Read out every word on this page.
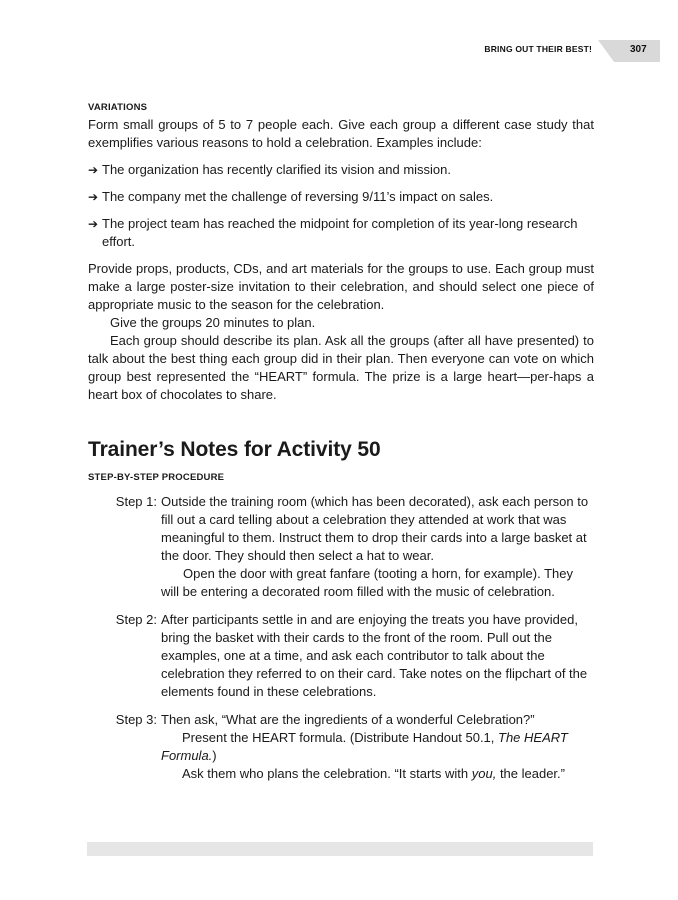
BRING OUT THEIR BEST!	307
VARIATIONS

Form small groups of 5 to 7 people each. Give each group a different case study that exemplifies various reasons to hold a celebration. Examples include:

➔ The organization has recently clarified its vision and mission.
➔ The company met the challenge of reversing 9/11’s impact on sales.
➔ The project team has reached the midpoint for completion of its year-long research effort.

Provide props, products, CDs, and art materials for the groups to use. Each group must make a large poster-size invitation to their celebration, and should select one piece of appropriate music to the season for the celebration.

Give the groups 20 minutes to plan.

Each group should describe its plan. Ask all the groups (after all have presented) to talk about the best thing each group did in their plan. Then everyone can vote on which group best represented the “HEART” formula. The prize is a large heart—per-haps a heart box of chocolates to share.

Trainer’s Notes for Activity 50
STEP-BY-STEP PROCEDURE
Step 1: Outside the training room (which has been decorated), ask each person to fill out a card telling about a celebration they attended at work that was meaningful to them. Instruct them to drop their cards into a large basket at the door. They should then select a hat to wear.

Open the door with great fanfare (tooting a horn, for example). They will be entering a decorated room filled with the music of celebration.

Step 2: After participants settle in and are enjoying the treats you have provided, bring the basket with their cards to the front of the room. Pull out the examples, one at a time, and ask each contributor to talk about the celebration they referred to on their card. Take notes on the flipchart of the elements found in these celebrations.

Step 3: Then ask, “What are the ingredients of a wonderful Celebration?”

Present the HEART formula. (Distribute Handout 50.1, The HEART Formula.)

Ask them who plans the celebration. “It starts with you, the leader.”
